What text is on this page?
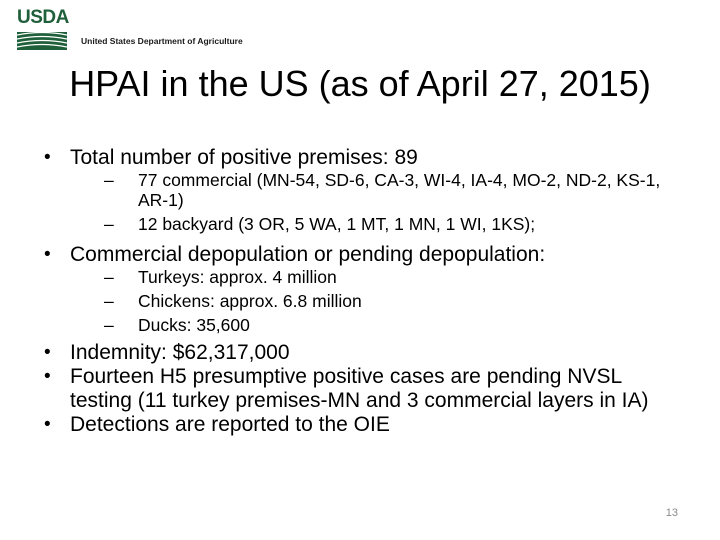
USDA
United States Department of Agriculture
HPAI in the US (as of April 27, 2015)
• Total number of positive premises: 89
– 77 commercial (MN-54, SD-6, CA-3, WI-4, IA-4, MO-2, ND-2, KS-1, AR-1)
– 12 backyard (3 OR, 5 WA, 1 MT, 1 MN, 1 WI, 1KS);
• Commercial depopulation or pending depopulation:
– Turkeys: approx. 4 million
– Chickens: approx. 6.8 million
– Ducks: 35,600
• Indemnity: $62,317,000
• Fourteen H5 presumptive positive cases are pending NVSL testing (11 turkey premises-MN and 3 commercial layers in IA)
• Detections are reported to the OIE
13
